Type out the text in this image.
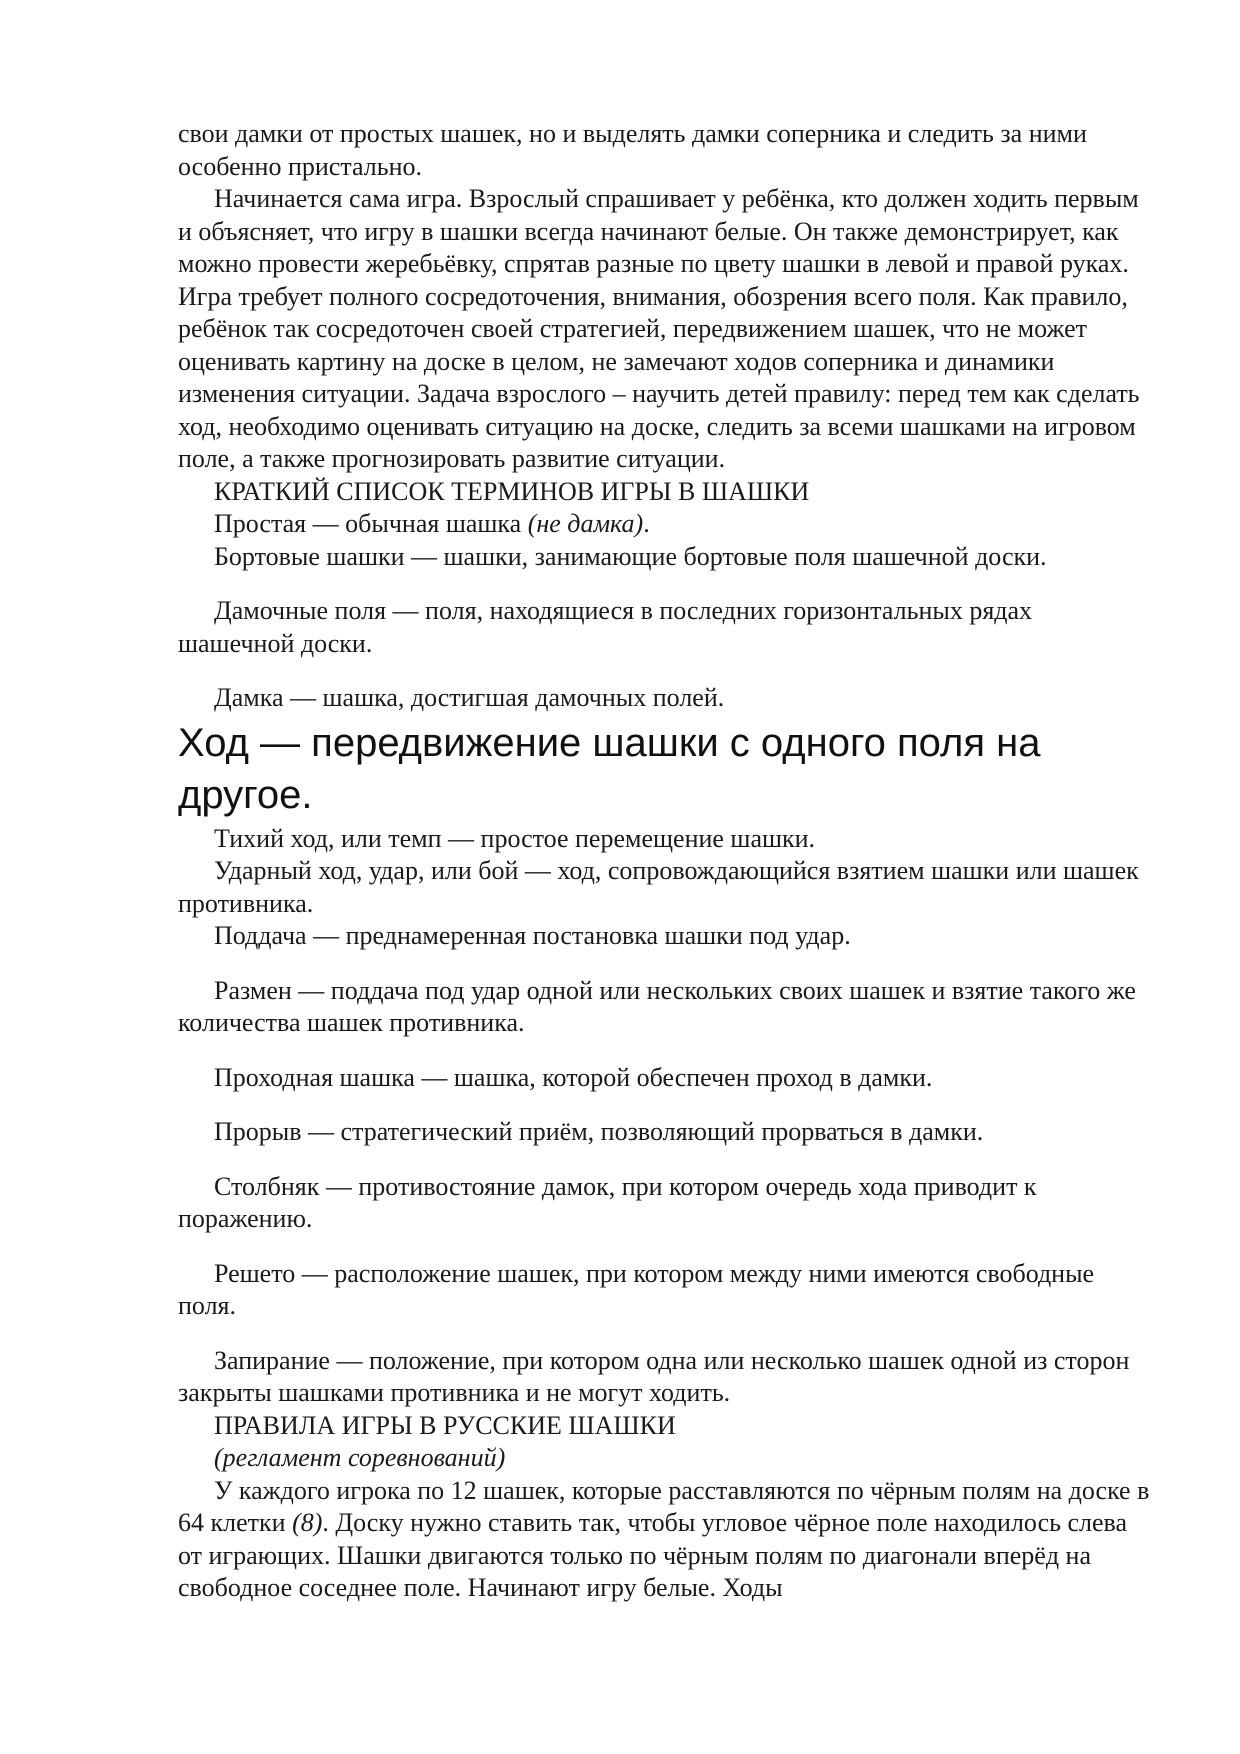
свои дамки от простых шашек, но и выделять дамки соперника и следить за ними особенно пристально.

Начинается сама игра. Взрослый спрашивает у ребёнка, кто должен ходить первым и объясняет, что игру в шашки всегда начинают белые. Он также демонстрирует, как можно провести жеребьёвку, спрятав разные по цвету шашки в левой и правой руках. Игра требует полного сосредоточения, внимания, обозрения всего поля. Как правило, ребёнок так сосредоточен своей стратегией, передвижением шашек, что не может оценивать картину на доске в целом, не замечают ходов соперника и динамики изменения ситуации. Задача взрослого – научить детей правилу: перед тем как сделать ход, необходимо оценивать ситуацию на доске, следить за всеми шашками на игровом поле, а также прогнозировать развитие ситуации.

КРАТКИЙ СПИСОК ТЕРМИНОВ ИГРЫ В ШАШКИ

Простая — обычная шашка (не дамка).

Бортовые шашки — шашки, занимающие бортовые поля шашечной доски.

Дамочные поля — поля, находящиеся в последних горизонтальных рядах шашечной доски.

Дамка — шашка, достигшая дамочных полей.

Ход — передвижение шашки с одного поля на другое.

Тихий ход, или темп — простое перемещение шашки.

Ударный ход, удар, или бой — ход, сопровождающийся взятием шашки или шашек противника.

Поддача — преднамеренная постановка шашки под удар.

Размен — поддача под удар одной или нескольких своих шашек и взятие такого же количества шашек противника.

Проходная шашка — шашка, которой обеспечен проход в дамки.

Прорыв — стратегический приём, позволяющий прорваться в дамки.

Столбняк — противостояние дамок, при котором очередь хода приводит к поражению.

Решето — расположение шашек, при котором между ними имеются свободные поля.

Запирание — положение, при котором одна или несколько шашек одной из сторон закрыты шашками противника и не могут ходить.

ПРАВИЛА ИГРЫ В РУССКИЕ ШАШКИ

(регламент соревнований)

У каждого игрока по 12 шашек, которые расставляются по чёрным полям на доске в 64 клетки (8). Доску нужно ставить так, чтобы угловое чёрное поле находилось слева от играющих. Шашки двигаются только по чёрным полям по диагонали вперёд на свободное соседнее поле. Начинают игру белые. Ходы
